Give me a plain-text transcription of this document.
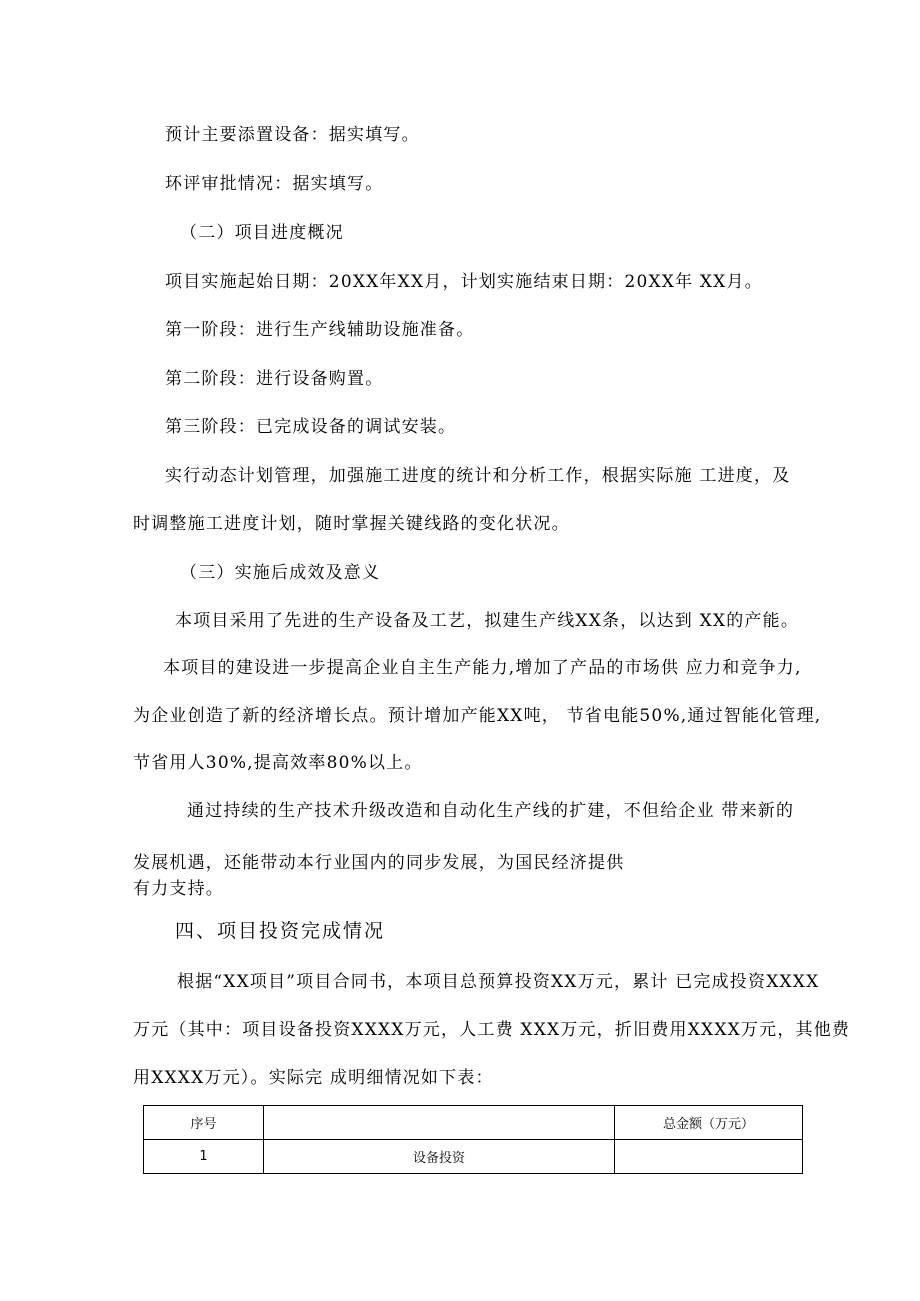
预计主要添置设备：据实填写。
环评审批情况：据实填写。
（二）项目进度概况
项目实施起始日期：20XX年XX月，计划实施结束日期：20XX年 XX月。
第一阶段：进行生产线辅助设施准备。
第二阶段：进行设备购置。
第三阶段：已完成设备的调试安装。
实行动态计划管理，加强施工进度的统计和分析工作，根据实际施 工进度，及
时调整施工进度计划，随时掌握关键线路的变化状况。
（三）实施后成效及意义
本项目采用了先进的生产设备及工艺，拟建生产线XX条，以达到 XX的产能。
本项目的建设进一步提高企业自主生产能力,增加了产品的市场供 应力和竞争力,
为企业创造了新的经济增长点。预计增加产能XX吨， 节省电能50%,通过智能化管理,
节省用人30%,提高效率80%以上。
通过持续的生产技术升级改造和自动化生产线的扩建，不但给企业 带来新的
发展机遇，还能带动本行业国内的同步发展，为国民经济提供
有力支持。
四、项目投资完成情况
根据“XX项目”项目合同书，本项目总预算投资XX万元，累计 已完成投资XXXX
万元（其中：项目设备投资XXXX万元，人工费 XXX万元，折旧费用XXXX万元，其他费
用XXXX万元）。实际完 成明细情况如下表：
序号		总金额（万元）
1	设备投资	
